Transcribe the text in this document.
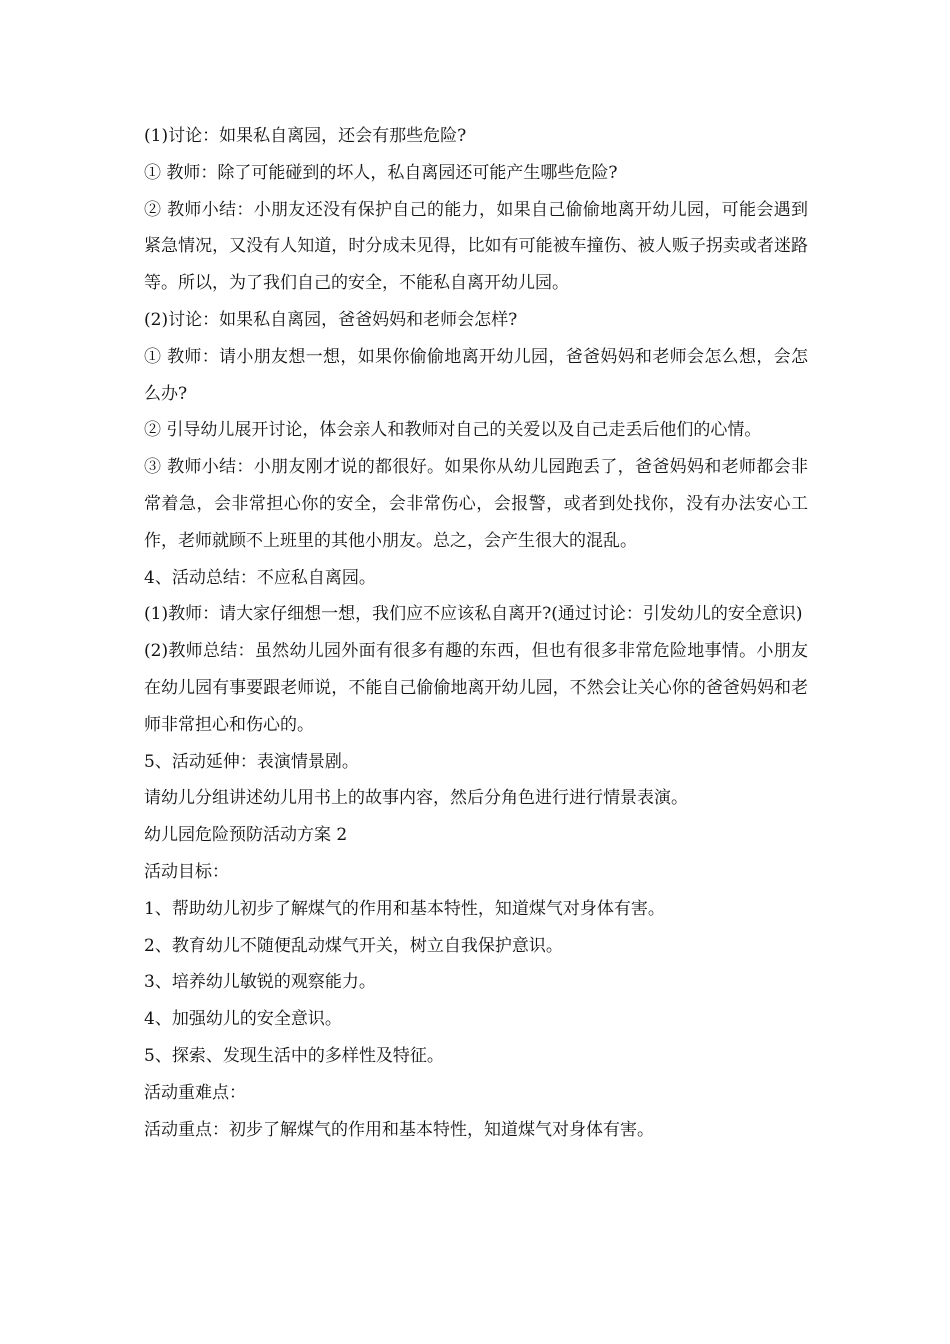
(1)讨论：如果私自离园，还会有那些危险?

① 教师：除了可能碰到的坏人，私自离园还可能产生哪些危险?

② 教师小结：小朋友还没有保护自己的能力，如果自己偷偷地离开幼儿园，可能会遇到紧急情况，又没有人知道，时分成未见得，比如有可能被车撞伤、被人贩子拐卖或者迷路等。所以，为了我们自己的安全，不能私自离开幼儿园。

(2)讨论：如果私自离园，爸爸妈妈和老师会怎样?

① 教师：请小朋友想一想，如果你偷偷地离开幼儿园，爸爸妈妈和老师会怎么想，会怎么办?

② 引导幼儿展开讨论，体会亲人和教师对自己的关爱以及自己走丢后他们的心情。

③ 教师小结：小朋友刚才说的都很好。如果你从幼儿园跑丢了，爸爸妈妈和老师都会非常着急，会非常担心你的安全，会非常伤心，会报警，或者到处找你，没有办法安心工作，老师就顾不上班里的其他小朋友。总之，会产生很大的混乱。

4、活动总结：不应私自离园。

(1)教师：请大家仔细想一想，我们应不应该私自离开?(通过讨论：引发幼儿的安全意识)

(2)教师总结：虽然幼儿园外面有很多有趣的东西，但也有很多非常危险地事情。小朋友在幼儿园有事要跟老师说，不能自己偷偷地离开幼儿园，不然会让关心你的爸爸妈妈和老师非常担心和伤心的。

5、活动延伸：表演情景剧。

请幼儿分组讲述幼儿用书上的故事内容，然后分角色进行进行情景表演。

幼儿园危险预防活动方案 2

活动目标：

1、帮助幼儿初步了解煤气的作用和基本特性，知道煤气对身体有害。

2、教育幼儿不随便乱动煤气开关，树立自我保护意识。

3、培养幼儿敏锐的观察能力。

4、加强幼儿的安全意识。

5、探索、发现生活中的多样性及特征。

活动重难点：

活动重点：初步了解煤气的作用和基本特性，知道煤气对身体有害。
